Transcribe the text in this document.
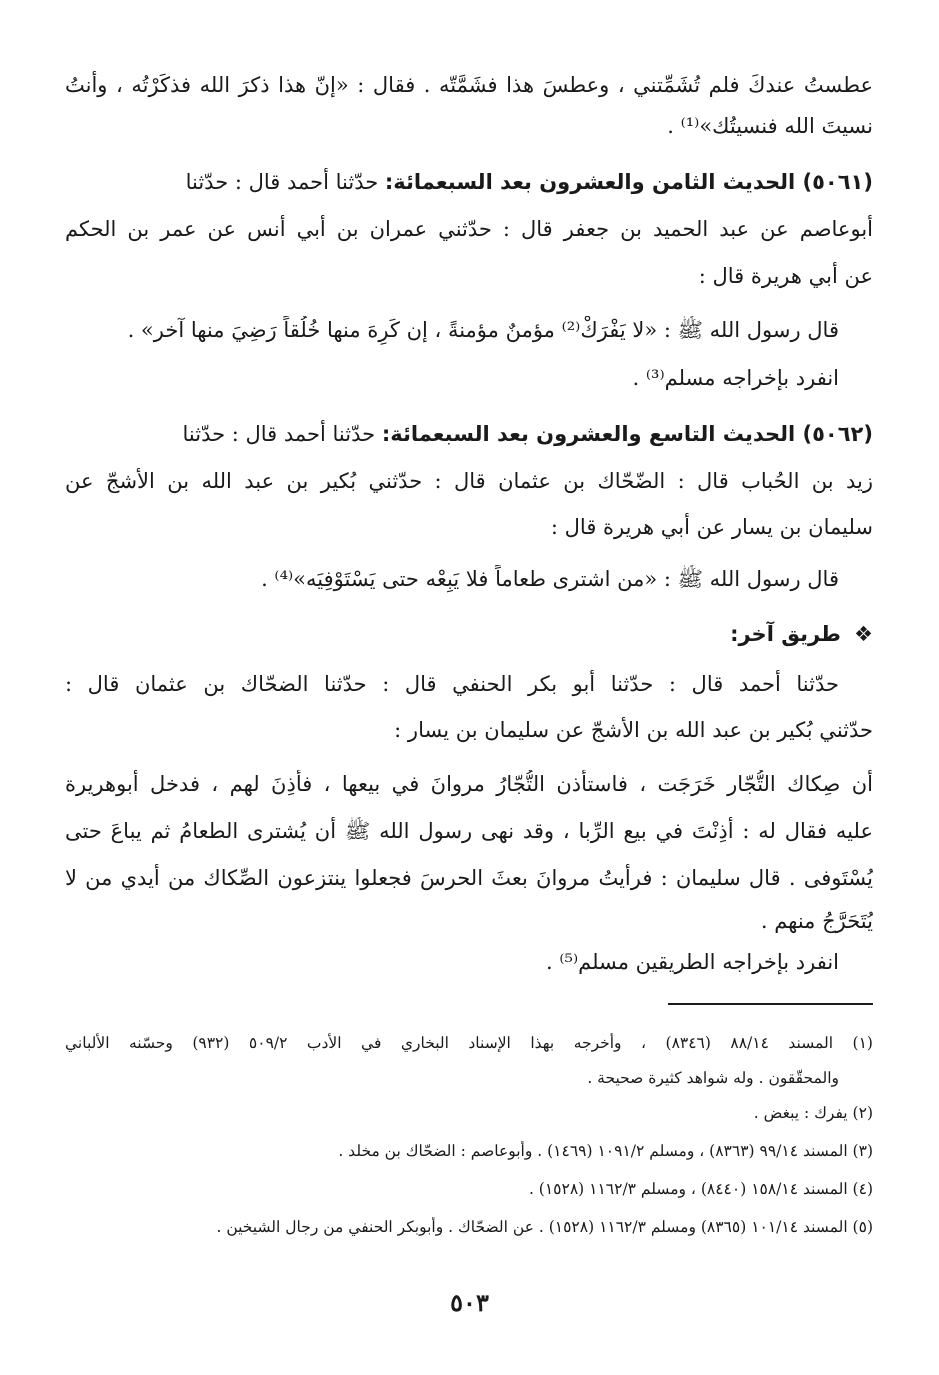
عطستُ عندكَ فلم تُشَمِّتني ، وعطسَ هذا فشَمَّتّه . فقال : «إنّ هذا ذكرَ الله فذكَرْتُه ، وأنتُ

نسيتَ الله فنسيتُك»⁽¹⁾ .

(٥٠٦١) الحديث الثامن والعشرون بعد السبعمائة: حدّثنا أحمد قال : حدّثنا

أبوعاصم عن عبد الحميد بن جعفر قال : حدّثني عمران بن أبي أنس عن عمر بن الحكم

عن أبي هريرة قال :

قال رسول الله ﷺ : «لا يَفْرَكْ⁽²⁾ مؤمنٌ مؤمنةً ، إن كَرِهَ منها خُلُقاً رَضِيَ منها آخر» .

انفرد بإخراجه مسلم⁽³⁾ .

(٥٠٦٢) الحديث التاسع والعشرون بعد السبعمائة: حدّثنا أحمد قال : حدّثنا

زيد بن الحُباب قال : الضّحّاك بن عثمان قال : حدّثني بُكير بن عبد الله بن الأشجّ عن

سليمان بن يسار عن أبي هريرة قال :

قال رسول الله ﷺ : «من اشترى طعاماً فلا يَبِعْه حتى يَسْتَوْفِيَه»⁽⁴⁾ .

❖ طريق آخر:

حدّثنا أحمد قال : حدّثنا أبو بكر الحنفي قال : حدّثنا الضحّاك بن عثمان قال :

حدّثني بُكير بن عبد الله بن الأشجّ عن سليمان بن يسار :

أن صِكاك التُّجّار خَرَجَت ، فاستأذن التُّجّارُ مروانَ في بيعها ، فأذِنَ لهم ، فدخل أبوهريرة

عليه فقال له : أَذِنْتَ في بيع الرِّبا ، وقد نهى رسول الله ﷺ أن يُشترى الطعامُ ثم يباعَ حتى

يُسْتَوفى . قال سليمان : فرأيتُ مروانَ بعثَ الحرسَ فجعلوا ينتزعون الصِّكاك من أيدي من لا

يُتَحَرَّجُ منهم .

انفرد بإخراجه الطريقين مسلم⁽⁵⁾ .

(١) المسند ٨٨/١٤ (٨٣٤٦) ، وأخرجه بهذا الإسناد البخاري في الأدب ٥٠٩/٢ (٩٣٢) وحسّنه الألباني

والمحقّقون . وله شواهد كثيرة صحيحة .

(٢) يفرك : يبغض .

(٣) المسند ٩٩/١٤ (٨٣٦٣) ، ومسلم ١٠٩١/٢ (١٤٦٩) . وأبوعاصم : الضحّاك بن مخلد .

(٤) المسند ١٥٨/١٤ (٨٤٤٠) ، ومسلم ١١٦٢/٣ (١٥٢٨) .

(٥) المسند ١٠١/١٤ (٨٣٦٥) ومسلم ١١٦٢/٣ (١٥٢٨) . عن الضحّاك . وأبوبكر الحنفي من رجال الشيخين .

٥٠٣
